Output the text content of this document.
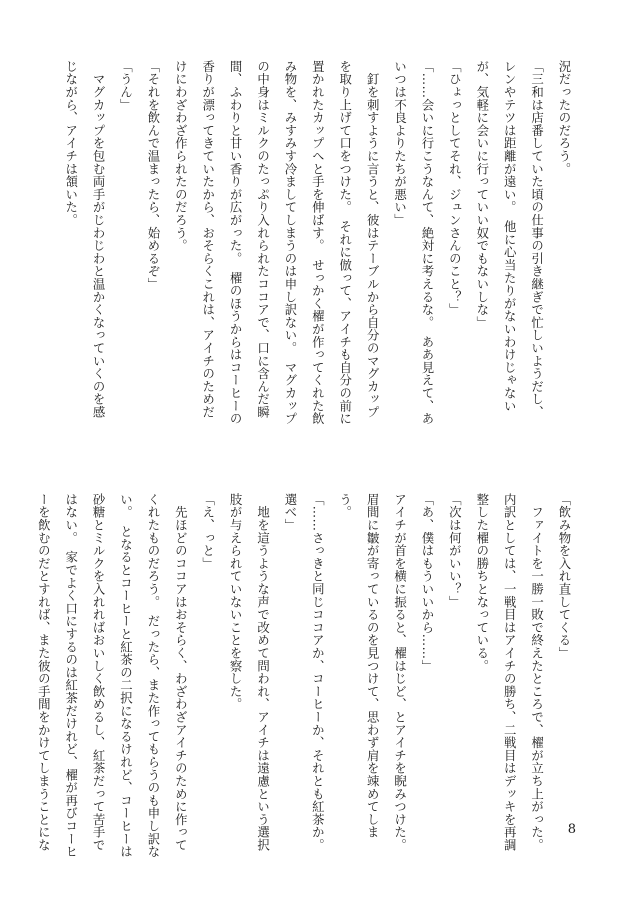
況だったのだろう。

「三和は店番していた頃の仕事の引き継ぎで忙しいようだし、

レンやテツは距離が遠い。　他に心当たりがないわけじゃない

が、気軽に会いに行っていい奴でもないしな」

「ひょっとしてそれ、ジュンさんのこと？」

「……会いに行こうなんて、絶対に考えるな。　ああ見えて、あ

いつは不良よりたちが悪い」

　釘を刺すように言うと、彼はテーブルから自分のマグカップ

を取り上げて口をつけた。　それに倣って、アイチも自分の前に

置かれたカップへと手を伸ばす。　せっかく櫂が作ってくれた飲

み物を、みすみす冷ましてしまうのは申し訳ない。　マグカップ

の中身はミルクのたっぷり入れられたココアで、口に含んだ瞬

間、ふわりと甘い香りが広がった。　櫂のほうからはコーヒーの

香りが漂ってきていたから、おそらくこれは、アイチのためだ

けにわざわざ作られたのだろう。

「それを飲んで温まったら、始めるぞ」

「うん」

　マグカップを包む両手がじわじわと温かくなっていくのを感

じながら、アイチは頷いた。

「飲み物を入れ直してくる」

　ファイトを一勝一敗で終えたところで、櫂が立ち上がった。

内訳としては、一戦目はアイチの勝ち、二戦目はデッキを再調

整した櫂の勝ちとなっている。

「次は何がいい？」

「あ、僕はもういいから……」

アイチが首を横に振ると、櫂はじど、とアイチを睨みつけた。

眉間に皺が寄っているのを見つけて、思わず肩を竦めてしま

う。

「……さっきと同じココアか、コーヒーか、それとも紅茶か。

選べ」

　地を這うような声で改めて問われ、アイチは遠慮という選択

肢が与えられていないことを察した。

「え、っと」

　先ほどのココアはおそらく、わざわざアイチのために作って

くれたものだろう。　だったら、また作ってもらうのも申し訳な

い。　となるとコーヒーと紅茶の二択になるけれど、コーヒーは

砂糖とミルクを入れればおいしく飲めるし、紅茶だって苦手で

はない。　家でよく口にするのは紅茶だけれど、櫂が再びコーヒ

ーを飲むのだとすれば、また彼の手間をかけてしまうことにな	8
